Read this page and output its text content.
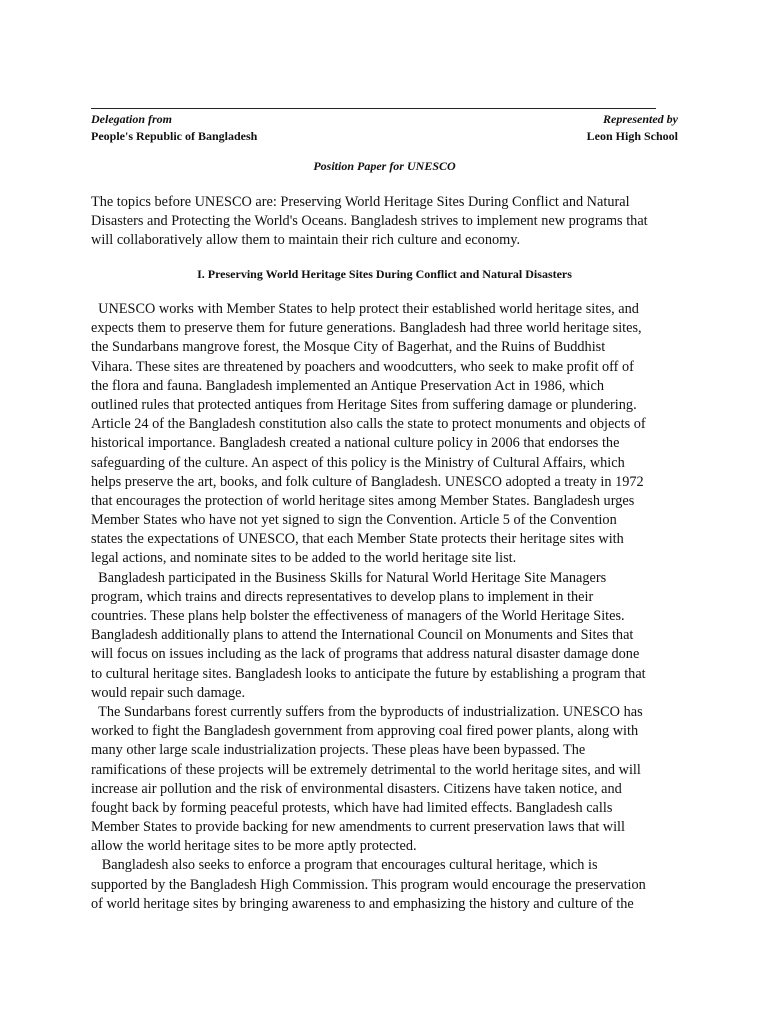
Delegation from	Represented by
People's Republic of Bangladesh	Leon High School
Position Paper for UNESCO
The topics before UNESCO are: Preserving World Heritage Sites During Conflict and Natural
Disasters and Protecting the World's Oceans. Bangladesh strives to implement new programs that
will collaboratively allow them to maintain their rich culture and economy.
I. Preserving World Heritage Sites During Conflict and Natural Disasters
UNESCO works with Member States to help protect their established world heritage sites, and
expects them to preserve them for future generations. Bangladesh had three world heritage sites,
the Sundarbans mangrove forest, the Mosque City of Bagerhat, and the Ruins of Buddhist
Vihara. These sites are threatened by poachers and woodcutters, who seek to make profit off of
the flora and fauna. Bangladesh implemented an Antique Preservation Act in 1986, which
outlined rules that protected antiques from Heritage Sites from suffering damage or plundering.
Article 24 of the Bangladesh constitution also calls the state to protect monuments and objects of
historical importance. Bangladesh created a national culture policy in 2006 that endorses the
safeguarding of the culture. An aspect of this policy is the Ministry of Cultural Affairs, which
helps preserve the art, books, and folk culture of Bangladesh. UNESCO adopted a treaty in 1972
that encourages the protection of world heritage sites among Member States. Bangladesh urges
Member States who have not yet signed to sign the Convention. Article 5 of the Convention
states the expectations of UNESCO, that each Member State protects their heritage sites with
legal actions, and nominate sites to be added to the world heritage site list.
Bangladesh participated in the Business Skills for Natural World Heritage Site Managers
program, which trains and directs representatives to develop plans to implement in their
countries. These plans help bolster the effectiveness of managers of the World Heritage Sites.
Bangladesh additionally plans to attend the International Council on Monuments and Sites that
will focus on issues including as the lack of programs that address natural disaster damage done
to cultural heritage sites. Bangladesh looks to anticipate the future by establishing a program that
would repair such damage.
The Sundarbans forest currently suffers from the byproducts of industrialization. UNESCO has
worked to fight the Bangladesh government from approving coal fired power plants, along with
many other large scale industrialization projects. These pleas have been bypassed. The
ramifications of these projects will be extremely detrimental to the world heritage sites, and will
increase air pollution and the risk of environmental disasters. Citizens have taken notice, and
fought back by forming peaceful protests, which have had limited effects. Bangladesh calls
Member States to provide backing for new amendments to current preservation laws that will
allow the world heritage sites to be more aptly protected.
Bangladesh also seeks to enforce a program that encourages cultural heritage, which is
supported by the Bangladesh High Commission. This program would encourage the preservation
of world heritage sites by bringing awareness to and emphasizing the history and culture of the
